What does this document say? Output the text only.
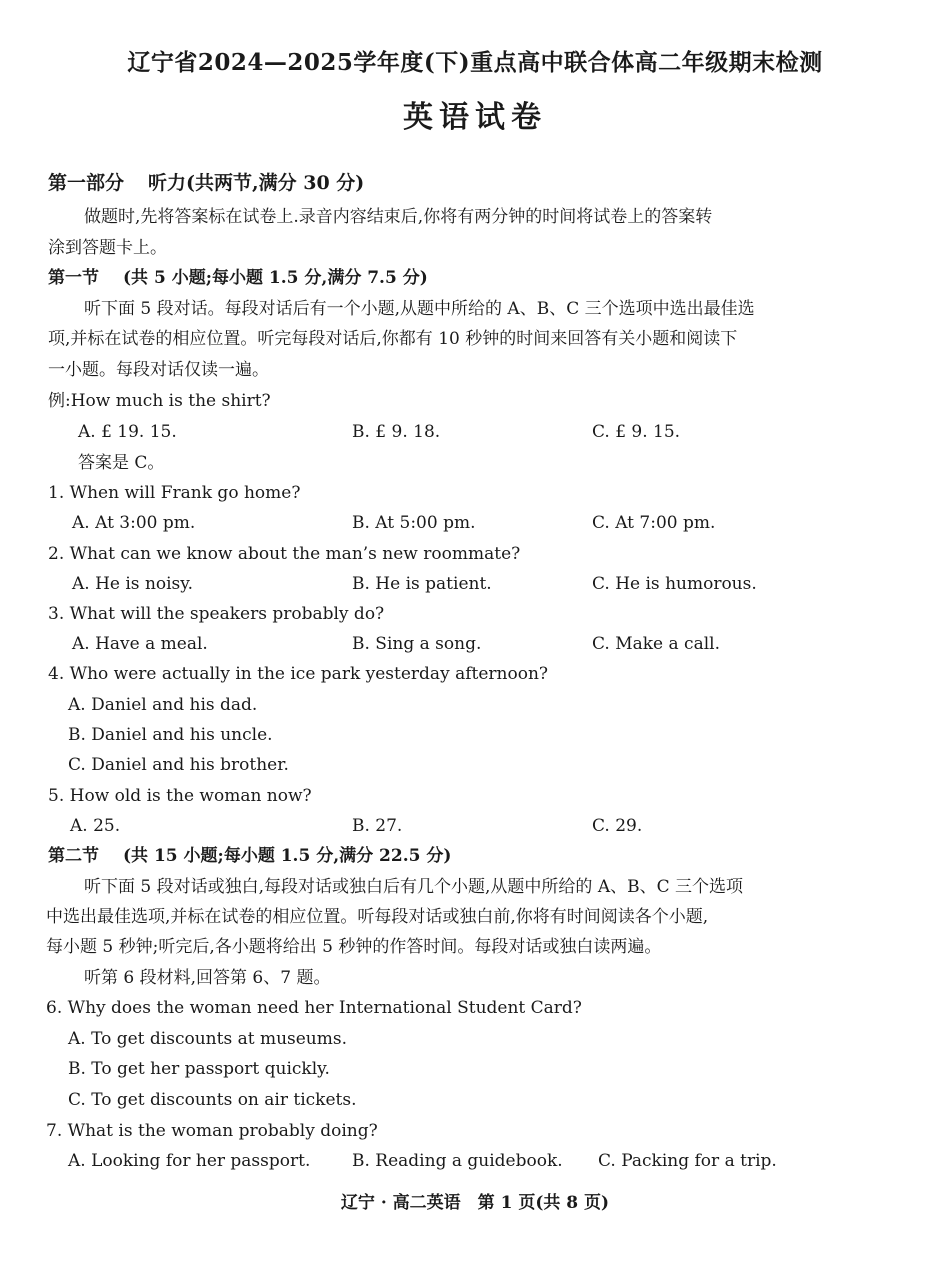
辽宁省2024—2025学年度(下)重点高中联合体高二年级期末检测
英语试卷
第一部分 听力(共两节,满分 30 分)
做题时,先将答案标在试卷上.录音内容结束后,你将有两分钟的时间将试卷上的答案转
涂到答题卡上。
第一节 (共 5 小题;每小题 1.5 分,满分 7.5 分)
听下面 5 段对话。每段对话后有一个小题,从题中所给的 A、B、C 三个选项中选出最佳选
项,并标在试卷的相应位置。听完每段对话后,你都有 10 秒钟的时间来回答有关小题和阅读下
一小题。每段对话仅读一遍。
例:How much is the shirt?
A. £ 19. 15.	B. £ 9. 18.	C. £ 9. 15.
答案是 C。
1. When will Frank go home?
A. At 3:00 pm.	B. At 5:00 pm.	C. At 7:00 pm.
2. What can we know about the man’s new roommate?
A. He is noisy.	B. He is patient.	C. He is humorous.
3. What will the speakers probably do?
A. Have a meal.	B. Sing a song.	C. Make a call.
4. Who were actually in the ice park yesterday afternoon?
A. Daniel and his dad.
B. Daniel and his uncle.
C. Daniel and his brother.
5. How old is the woman now?
A. 25.	B. 27.	C. 29.
第二节 (共 15 小题;每小题 1.5 分,满分 22.5 分)
听下面 5 段对话或独白,每段对话或独白后有几个小题,从题中所给的 A、B、C 三个选项
中选出最佳选项,并标在试卷的相应位置。听每段对话或独白前,你将有时间阅读各个小题,
每小题 5 秒钟;听完后,各小题将给出 5 秒钟的作答时间。每段对话或独白读两遍。
听第 6 段材料,回答第 6、7 题。
6. Why does the woman need her International Student Card?
A. To get discounts at museums.
B. To get her passport quickly.
C. To get discounts on air tickets.
7. What is the woman probably doing?
A. Looking for her passport. B. Reading a guidebook. C. Packing for a trip.
辽宁 · 高二英语　第 1 页(共 8 页)
